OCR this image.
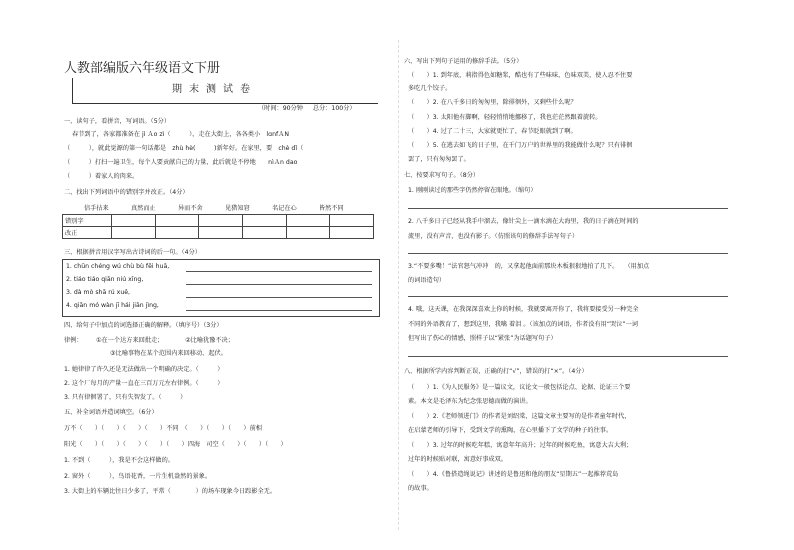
人教部编版六年级语文下册
期末测试卷
（时间：90分钟 总分：100分）
一、读句子，看拼音，写词语。（5分）
春节到了，各家都准备在 jì Ａo zì（　　　），走在大街上，各各类小　lɑnfＡN
（　　　），就此觉源的第一句话都是　zhù hè(　　　)新年好。在家里，要　chè dǐ（
（　　　）打扫一遍卫生，每个人要贡献自己的力量，此后就是不停地　　nìＡn dao
（　　　）着家人的肉来。
二、找出下列词语中的错别字并改正。（4分）
信手拈来	真然而止	异而不舍	见猎知窘	名记在心	皆然不同
错别字						
改正						
三、根据拼音用汉字写出古诗词的后一句。（4分）
1. chūn chéng wú chù bù fēi huā,
2. tiáo tiáo qiān niú xīng,
3. dà mò shā rú xuě,
4. qiān mó wàn jī hái jiān jìng,
四、给句子中加点的词选择正确的解释。（填序号）（3分）
律例： ①在一个达方来回批走；　　　　②比喻犹豫不决；
③比喻事物在某个范围内来回移动、起伏。
1. 她律律了许久还是无法做出一个明确的决定。（　　　）
2. 这个厂每月的产量一直在三百万元左右律例。（　　　）
3. 只有律徊署了，只有失智发了。（　　　）
五、补全词语并造词填空。（6分）
万不（　　）（　　）（　　）（　　）不同　（　　）（　　）（　　）前相
阳光（　　）（　　）（　　）（　　）（　　）四海　司空（　　）（　　）（　　）
1. 不到（　　　），我是不会这样做的。
2. 窗外（　　　），鸟语花香，一片生机盎然的景象。
3. 大街上的车辆比往日少多了，平常（　　　　）的场车现象今日踪影全无。
六、写出下列句子运用的修辞手法。（5分）
（　　）1. 到年底，莉指得色如糖浆，酷也有了些味味，色味双美，使人忍不住要
多吃几个饺子。
（　　）2. 在八千多日的匆匆里，除徘徊外，又剩些什么呢？
（　　）3. 太阳他有脚啊，轻轻悄悄地挪移了，我也茫茫然跟着旋转。
（　　）4. 过了二十三，大家就更忙了，春节眨眼就到了啊。
（　　）5. 在逃去如飞的日子里，在千门万户的世界里的我能做什么呢？只有徘徊
罢了，只有匆匆罢了。
七、按要求写句子。（8分）
1. 刚刚读过的那些字仍然停留在眼地。（缩句）
2. 八千多日子已经从我手中溜去，像针尖上一滴水滴在大海里，我的日子滴在时间的
流里，没有声音，也没有影子。（仿照该句的修辞手法写句子）
3.“不要多嘴！”法官怒气冲冲　的，又拿起他面前那块木板狠狠地拍了几下。　　（用加点
的词语造句）
4. 哦，这天课，在我深深喜欢上你的时候，我就要离开你了，我将要接受另一种完全
不同的外语教育了，想到这里，我噙 着泪 。（该加点的词语，作者没有用“哭泣”一词
但写出了伤心的情感，照样子以“紧张”为话题写句子）
八、根据所学内容判断正误，正确的打“√”，错误的打“×”。（4分）
（　　）1.《为人民服务》是一篇议文，议论文一般包括论点、论据、论证三个要
素。本文是毛泽东为纪念张思德而做的演讲。
（　　）2.《老师领进门》的作者是刘绍棠，这篇文章主要写的是作者童年时代，
在启蒙老师的引导下，受到文学的熏陶，在心里播下了文学的种子的往事。
（　　）3. 过年的时候吃年糕，寓意年年高升；过年的时候吃鱼，寓意大吉大利；
过年的时候贴对联，寓意好事成双。
（　　）4.《鲁搭造绳说记》讲述的是鲁迅和他的朋友“星期五”一起推荐荒岛
的故事。
